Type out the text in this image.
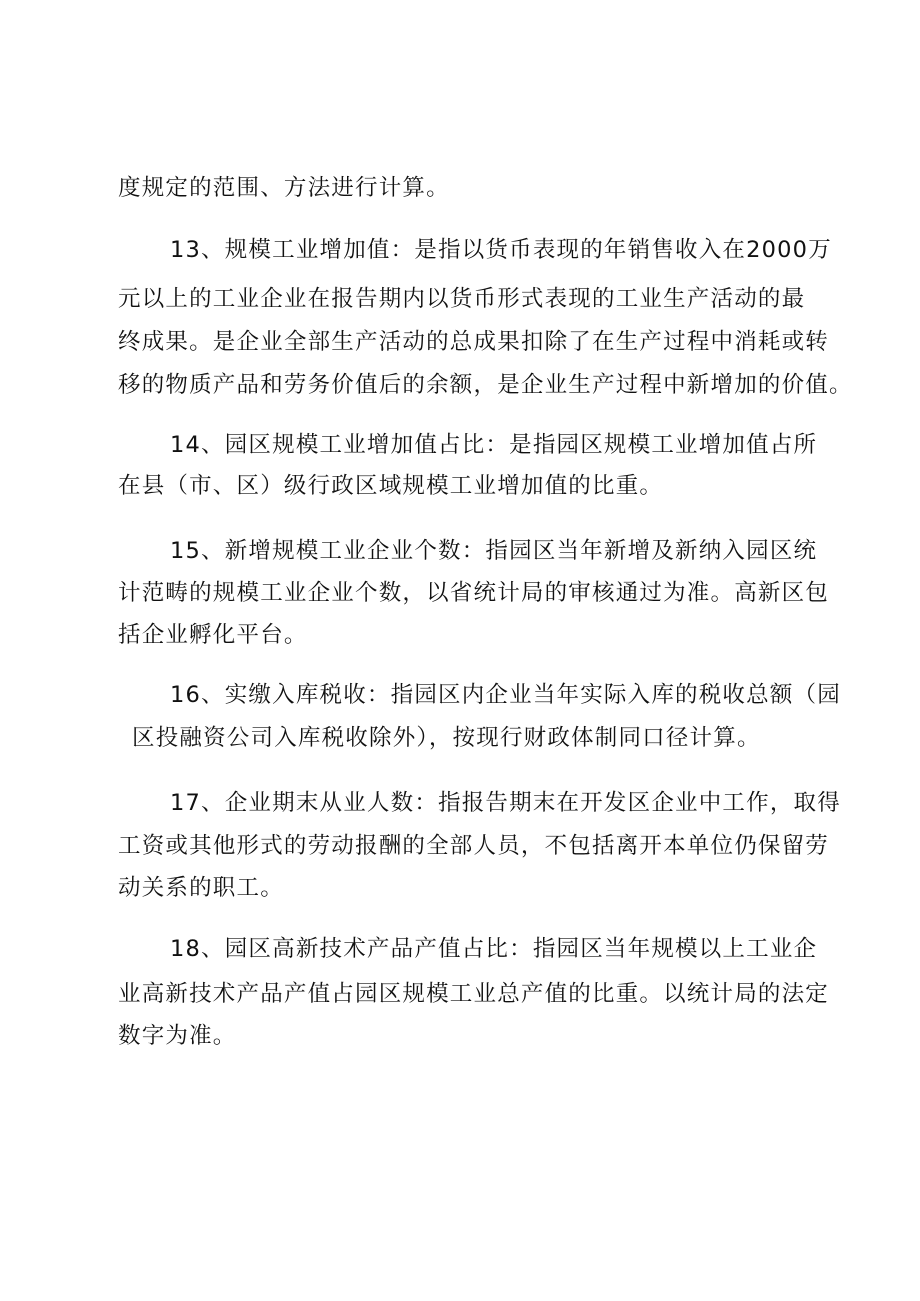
度规定的范围、方法进行计算。
13、规模工业增加值：是指以货币表现的年销售收入在2000万
元以上的工业企业在报告期内以货币形式表现的工业生产活动的最
终成果。是企业全部生产活动的总成果扣除了在生产过程中消耗或转
移的物质产品和劳务价值后的余额，是企业生产过程中新增加的价值。
14、园区规模工业增加值占比：是指园区规模工业增加值占所
在县（市、区）级行政区域规模工业增加值的比重。
15、新增规模工业企业个数：指园区当年新增及新纳入园区统
计范畴的规模工业企业个数，以省统计局的审核通过为准。高新区包
括企业孵化平台。
16、实缴入库税收：指园区内企业当年实际入库的税收总额（园
区投融资公司入库税收除外），按现行财政体制同口径计算。
17、企业期末从业人数：指报告期末在开发区企业中工作，取得
工资或其他形式的劳动报酬的全部人员，不包括离开本单位仍保留劳
动关系的职工。
18、园区高新技术产品产值占比：指园区当年规模以上工业企
业高新技术产品产值占园区规模工业总产值的比重。以统计局的法定
数字为准。
